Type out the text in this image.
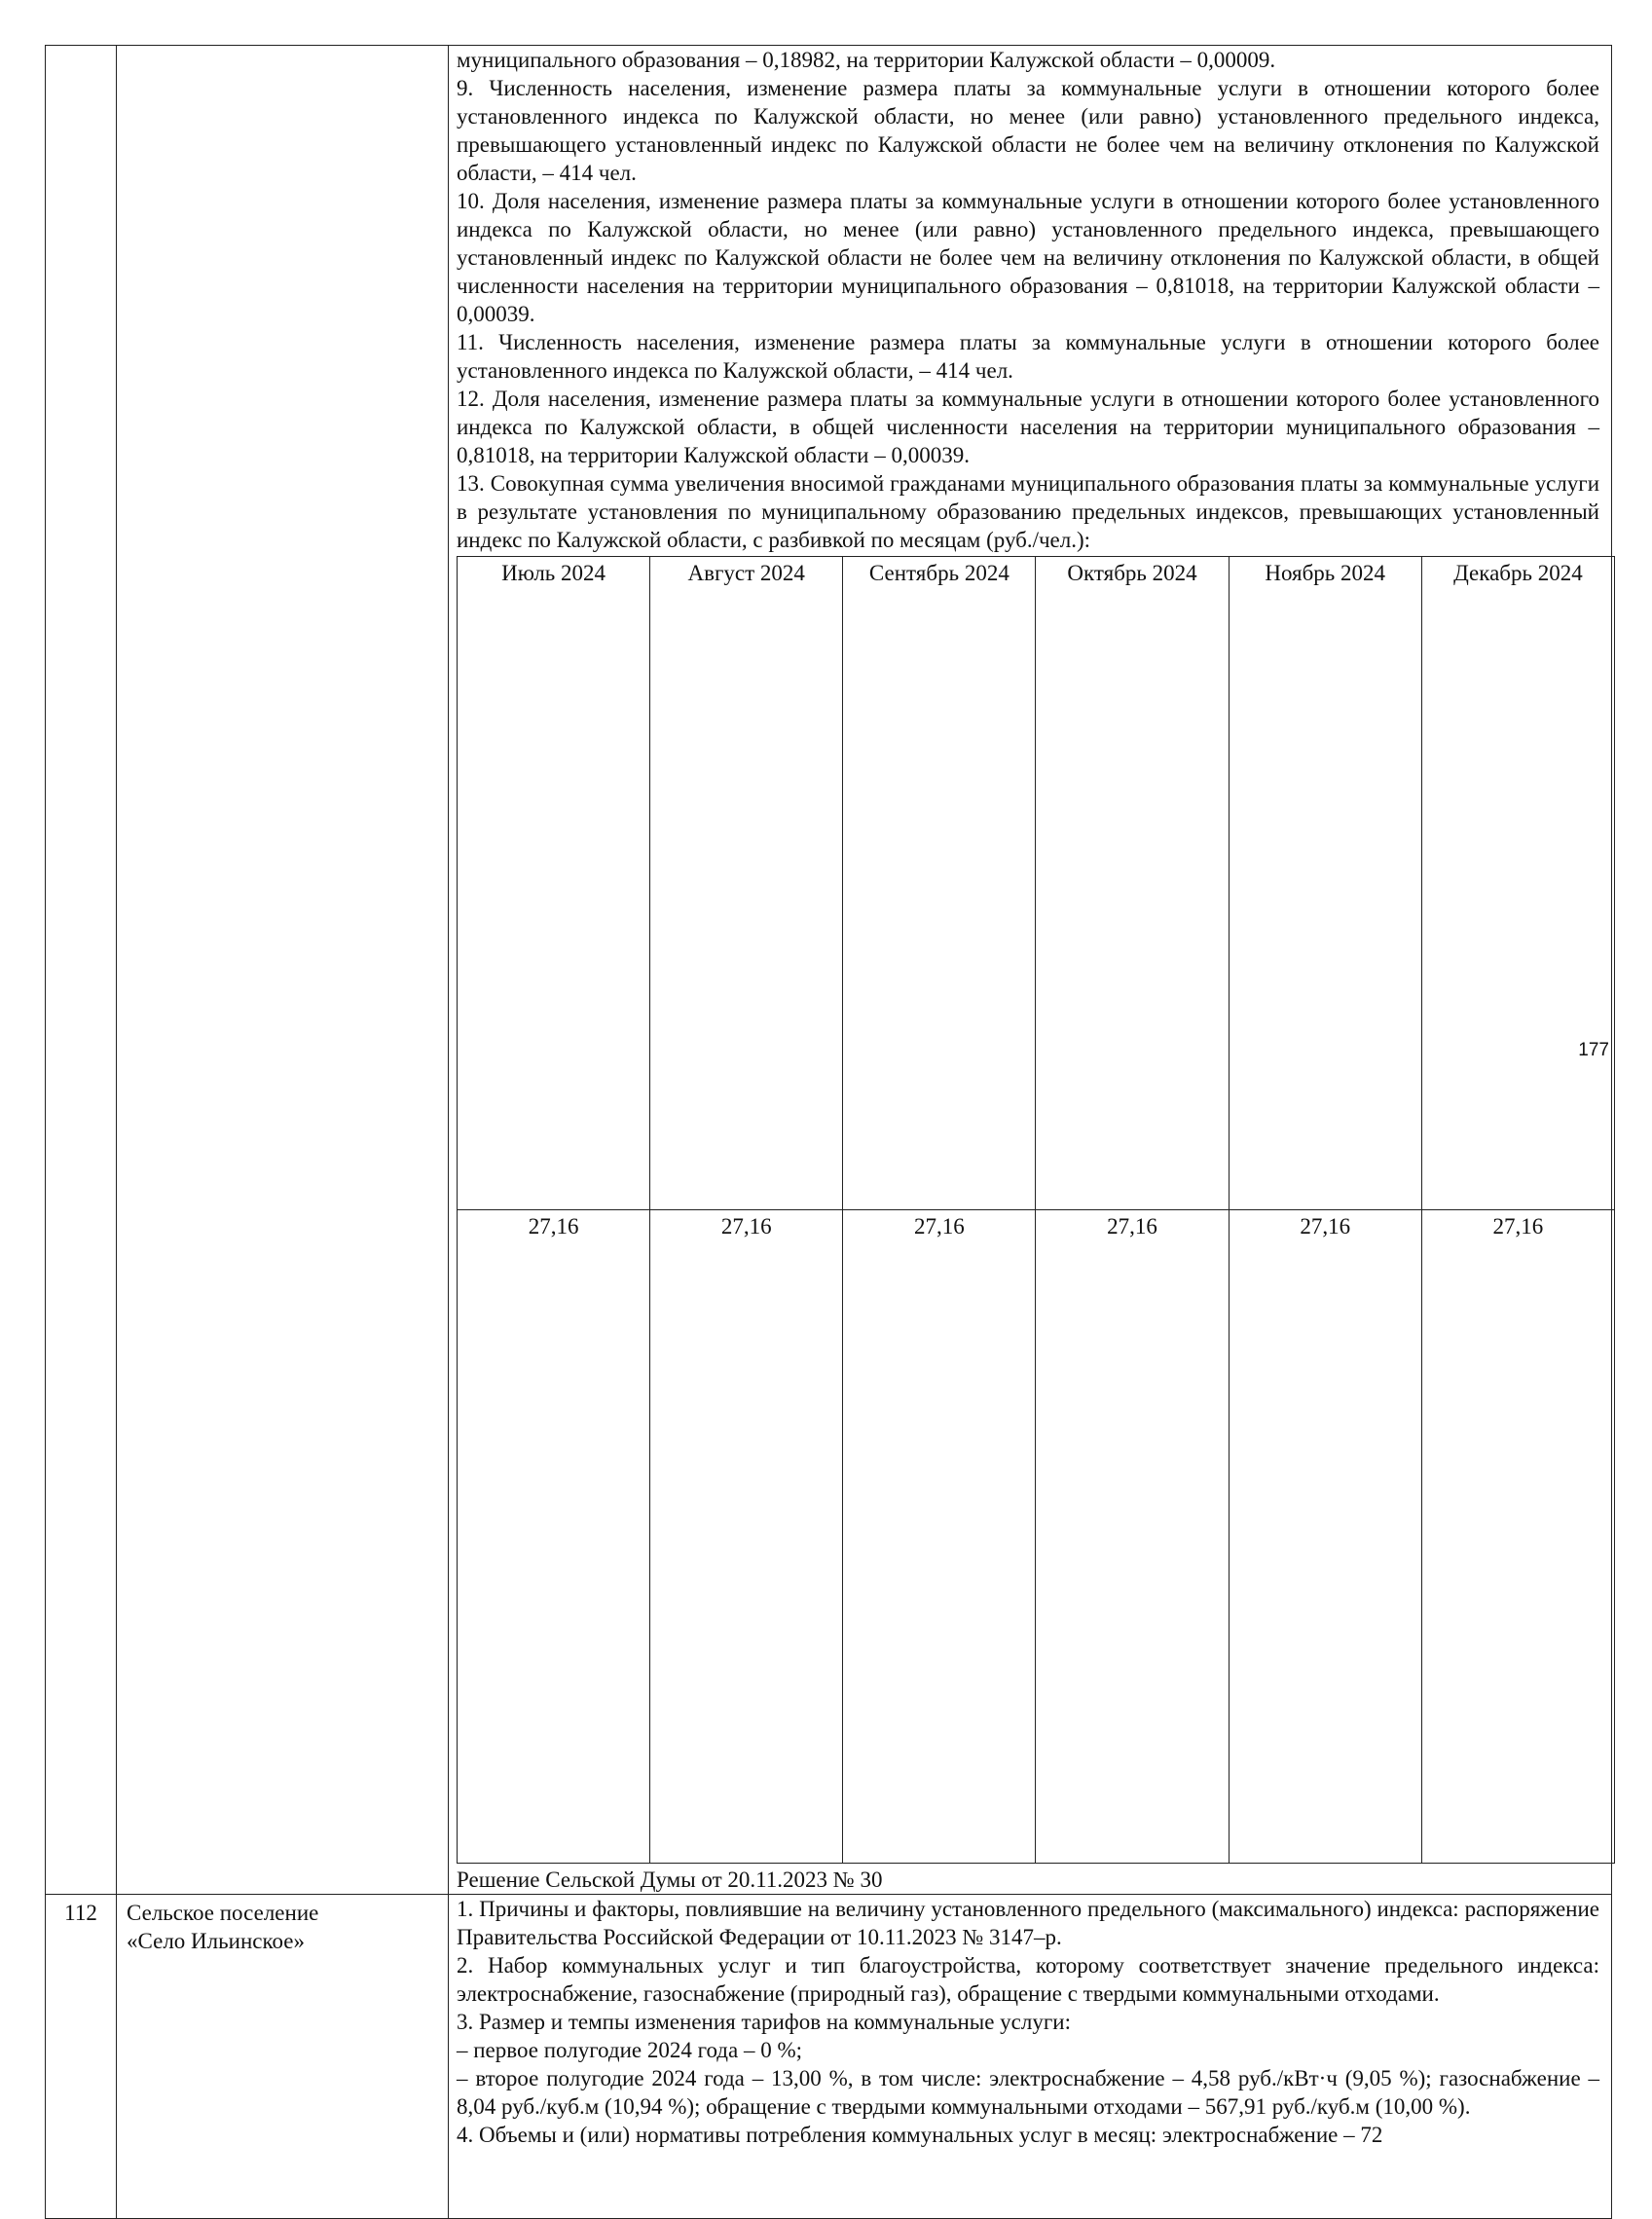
муниципального образования – 0,18982, на территории Калужской области – 0,00009.

9. Численность населения, изменение размера платы за коммунальные услуги в отношении которого более установленного индекса по Калужской области, но менее (или равно) установленного предельного индекса, превышающего установленный индекс по Калужской области не более чем на величину отклонения по Калужской области, – 414 чел.

10. Доля населения, изменение размера платы за коммунальные услуги в отношении которого более установленного индекса по Калужской области, но менее (или равно) установленного предельного индекса, превышающего установленный индекс по Калужской области не более чем на величину отклонения по Калужской области, в общей численности населения на территории муниципального образования – 0,81018, на территории Калужской области – 0,00039.

11. Численность населения, изменение размера платы за коммунальные услуги в отношении которого более установленного индекса по Калужской области, – 414 чел.

12. Доля населения, изменение размера платы за коммунальные услуги в отношении которого более установленного индекса по Калужской области, в общей численности населения на территории муниципального образования – 0,81018, на территории Калужской области – 0,00039.

13. Совокупная сумма увеличения вносимой гражданами муниципального образования платы за коммунальные услуги в результате установления по муниципальному образованию предельных индексов, превышающих установленный индекс по Калужской области, с разбивкой по месяцам (руб./чел.):

Июль 2024	Август 2024	Сентябрь 2024	Октябрь 2024	Ноябрь 2024	Декабрь 2024
27,16	27,16	27,16	27,16	27,16	27,16

Решение Сельской Думы от 20.11.2023 № 30

112	Сельское поселение
«Село Ильинское»

1. Причины и факторы, повлиявшие на величину установленного предельного (максимального) индекса: распоряжение Правительства Российской Федерации от 10.11.2023 № 3147–р.

2. Набор коммунальных услуг и тип благоустройства, которому соответствует значение предельного индекса: электроснабжение, газоснабжение (природный газ), обращение с твердыми коммунальными отходами.

3. Размер и темпы изменения тарифов на коммунальные услуги:

– первое полугодие 2024 года – 0 %;

– второе полугодие 2024 года – 13,00 %, в том числе: электроснабжение – 4,58 руб./кВт·ч (9,05 %); газоснабжение – 8,04 руб./куб.м (10,94 %); обращение с твердыми коммунальными отходами – 567,91 руб./куб.м (10,00 %).

4. Объемы и (или) нормативы потребления коммунальных услуг в месяц: электроснабжение – 72

177
